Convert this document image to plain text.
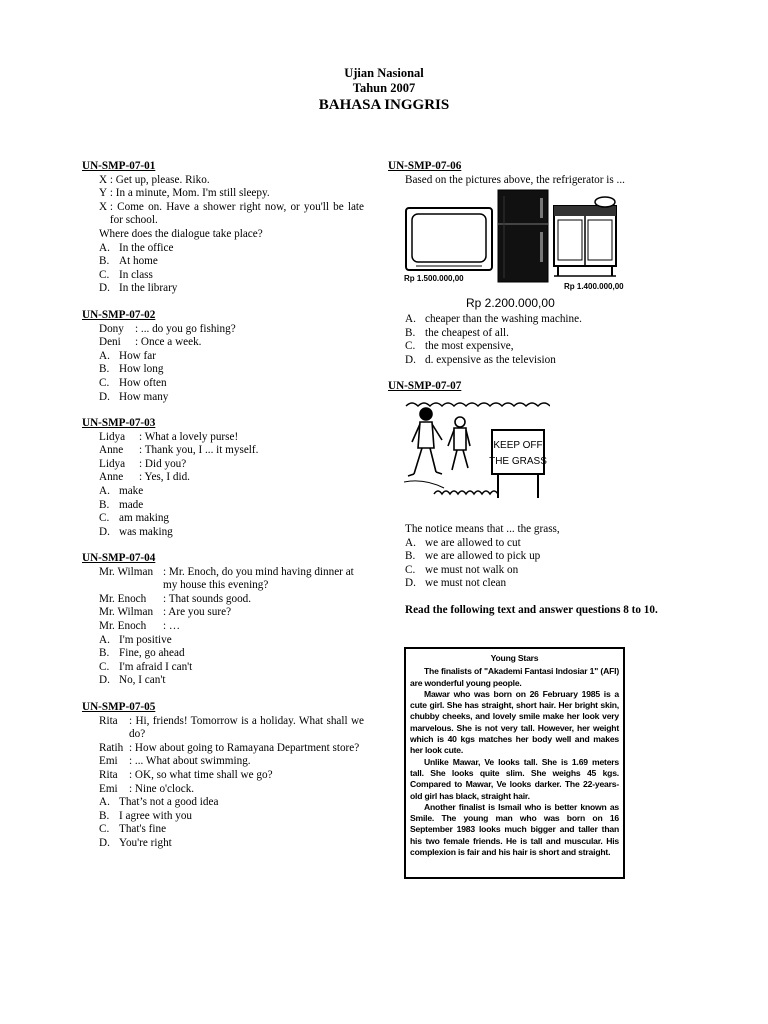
Ujian Nasional
Tahun 2007
BAHASA INGGRIS
UN-SMP-07-01
X
: Get up, please. Riko.
Y
: In a minute, Mom. I'm still sleepy.
X
: Come on. Have a shower right now, or you'll be late for school.
Where does the dialogue take place?
A. In the office
B. At home
C. In class
D. In the library
UN-SMP-07-02
Dony : ... do you go fishing?
Deni	: Once a week.
A. How far
B. How long
C. How often
D. How many
UN-SMP-07-03
Lidya	: What a lovely purse!
Anne	: Thank you, I ... it myself.
Lidya	: Did you?
Anne	: Yes, I did.
A. make
B. made
C. am making
D. was making
UN-SMP-07-04
Mr. Wilman : Mr. Enoch, do you mind having dinner at my house this evening?
Mr. Enoch	: That sounds good.
Mr. Wilman : Are you sure?
Mr. Enoch	: …
A. I'm positive
B. Fine, go ahead
C. I'm afraid I can't
D. No, I can't
UN-SMP-07-05
Rita	: Hi, friends! Tomorrow is a holiday. What shall we do?
Ratih : How about going to Ramayana Department store?
Emi	: ... What about swimming.
Rita	: OK, so what time shall we go?
Emi	: Nine o'clock.
A. That’s not a good idea
B. I agree with you
C. That's fine
D. You're right
UN-SMP-07-06
Based on the pictures above, the refrigerator is ...
Rp 1.500.000,00
Rp 1.400.000,00
Rp 2.200.000,00
A. cheaper than the washing machine.
B. the cheapest of all.
C. the most expensive,
D. d. expensive as the television
UN-SMP-07-07
KEEP OFF
THE GRASS
The notice means that ... the grass,
A. we are allowed to cut
B. we are allowed to pick up
C. we must not walk on
D. we must not clean
Read the following text and answer questions 8 to 10.
Young Stars

The finalists of "Akademi Fantasi Indosiar 1" (AFI) are wonderful young people.

Mawar who was born on 26 February 1985 is a cute girl. She has straight, short hair. Her bright skin, chubby cheeks, and lovely smile make her look very marvelous. She is not very tall. However, her weight which is 40 kgs matches her body well and makes her look cute.

Unlike Mawar, Ve looks tall. She is 1.69 meters tall. She looks quite slim. She weighs 45 kgs. Compared to Mawar, Ve looks darker. The 22-years-old girl has black, straight hair.

Another finalist is Ismail who is better known as Smile. The young man who was born on 16 September 1983 looks much bigger and taller than his two female friends. He is tall and muscular. His complexion is fair and his hair is short and straight.
